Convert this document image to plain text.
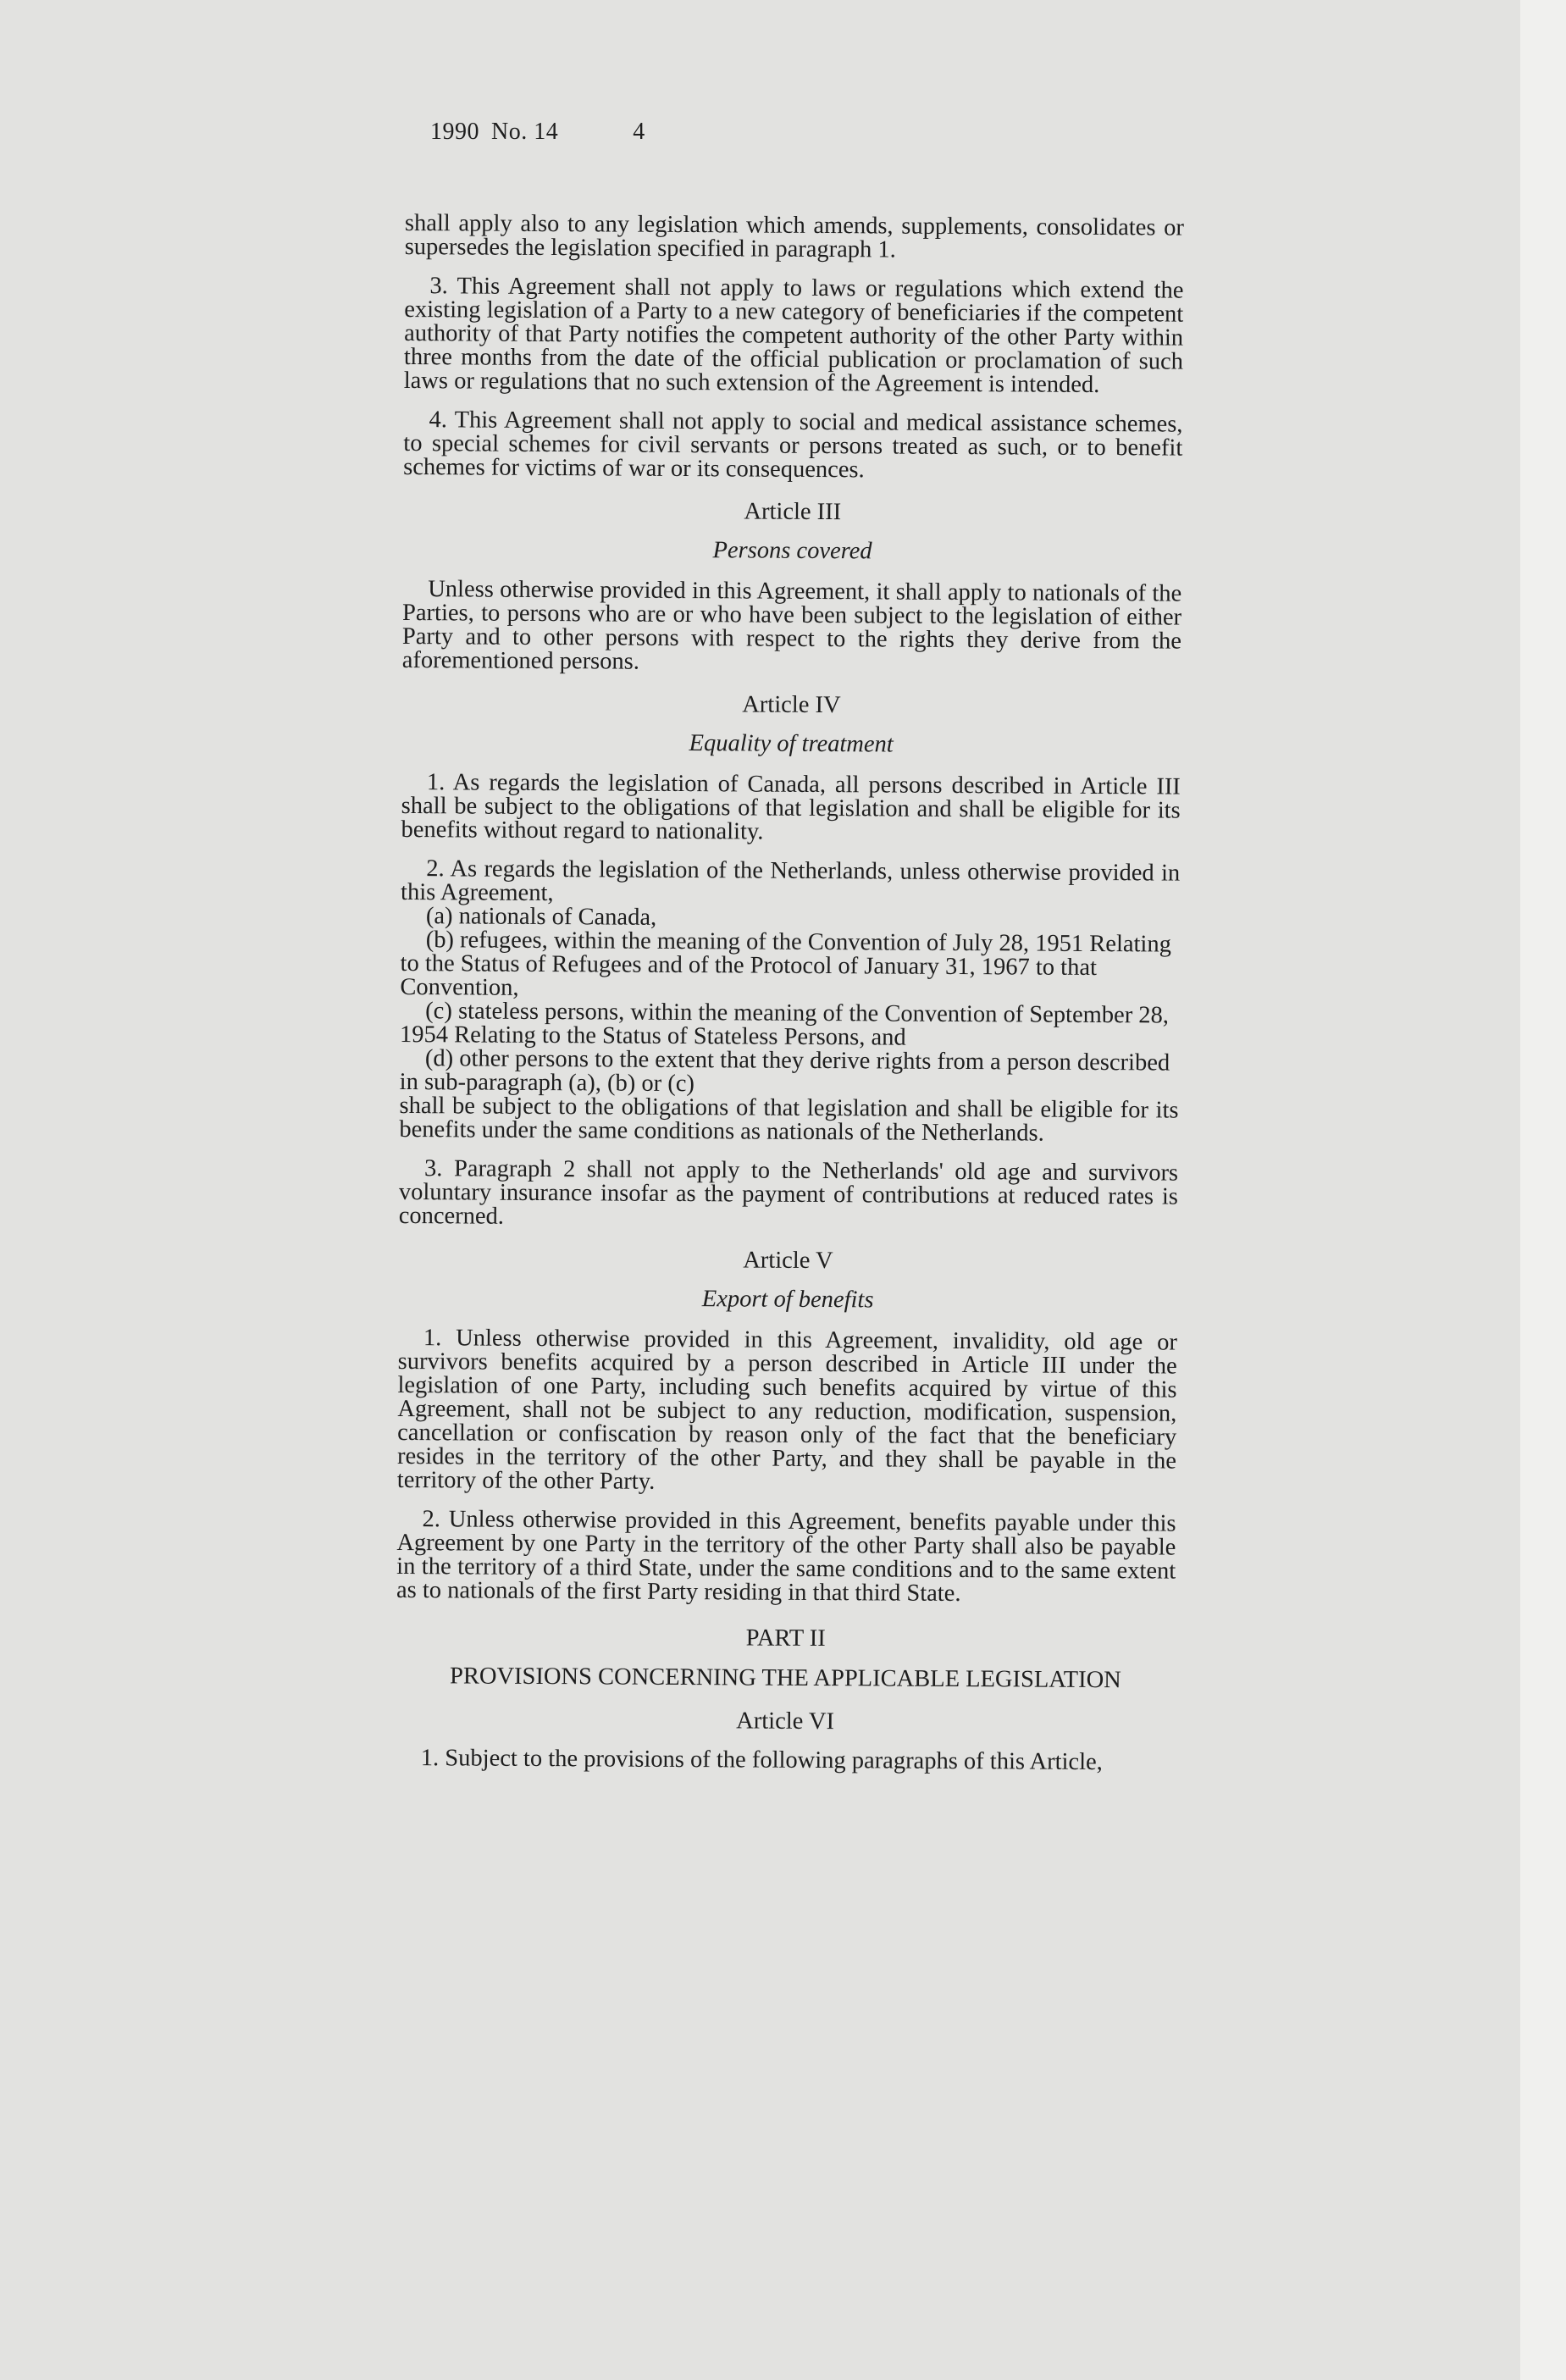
1990 No. 14	4

shall apply also to any legislation which amends, supplements, consolidates or supersedes the legislation specified in paragraph 1.

3. This Agreement shall not apply to laws or regulations which extend the existing legislation of a Party to a new category of beneficiaries if the competent authority of that Party notifies the competent authority of the other Party within three months from the date of the official publication or proclamation of such laws or regulations that no such extension of the Agreement is intended.

4. This Agreement shall not apply to social and medical assistance schemes, to special schemes for civil servants or persons treated as such, or to benefit schemes for victims of war or its consequences.

Article III
Persons covered

Unless otherwise provided in this Agreement, it shall apply to nationals of the Parties, to persons who are or who have been subject to the legislation of either Party and to other persons with respect to the rights they derive from the aforementioned persons.

Article IV
Equality of treatment

1. As regards the legislation of Canada, all persons described in Article III shall be subject to the obligations of that legislation and shall be eligible for its benefits without regard to nationality.

2. As regards the legislation of the Netherlands, unless otherwise provided in this Agreement,

(a) nationals of Canada,

(b) refugees, within the meaning of the Convention of July 28, 1951 Relating to the Status of Refugees and of the Protocol of January 31, 1967 to that Convention,

(c) stateless persons, within the meaning of the Convention of September 28, 1954 Relating to the Status of Stateless Persons, and

(d) other persons to the extent that they derive rights from a person described in sub-paragraph (a), (b) or (c)

shall be subject to the obligations of that legislation and shall be eligible for its benefits under the same conditions as nationals of the Netherlands.

3. Paragraph 2 shall not apply to the Netherlands' old age and survivors voluntary insurance insofar as the payment of contributions at reduced rates is concerned.

Article V
Export of benefits

1. Unless otherwise provided in this Agreement, invalidity, old age or survivors benefits acquired by a person described in Article III under the legislation of one Party, including such benefits acquired by virtue of this Agreement, shall not be subject to any reduction, modification, suspension, cancellation or confiscation by reason only of the fact that the beneficiary resides in the territory of the other Party, and they shall be payable in the territory of the other Party.

2. Unless otherwise provided in this Agreement, benefits payable under this Agreement by one Party in the territory of the other Party shall also be payable in the territory of a third State, under the same conditions and to the same extent as to nationals of the first Party residing in that third State.

PART II
PROVISIONS CONCERNING THE APPLICABLE LEGISLATION
Article VI

1. Subject to the provisions of the following paragraphs of this Article,
